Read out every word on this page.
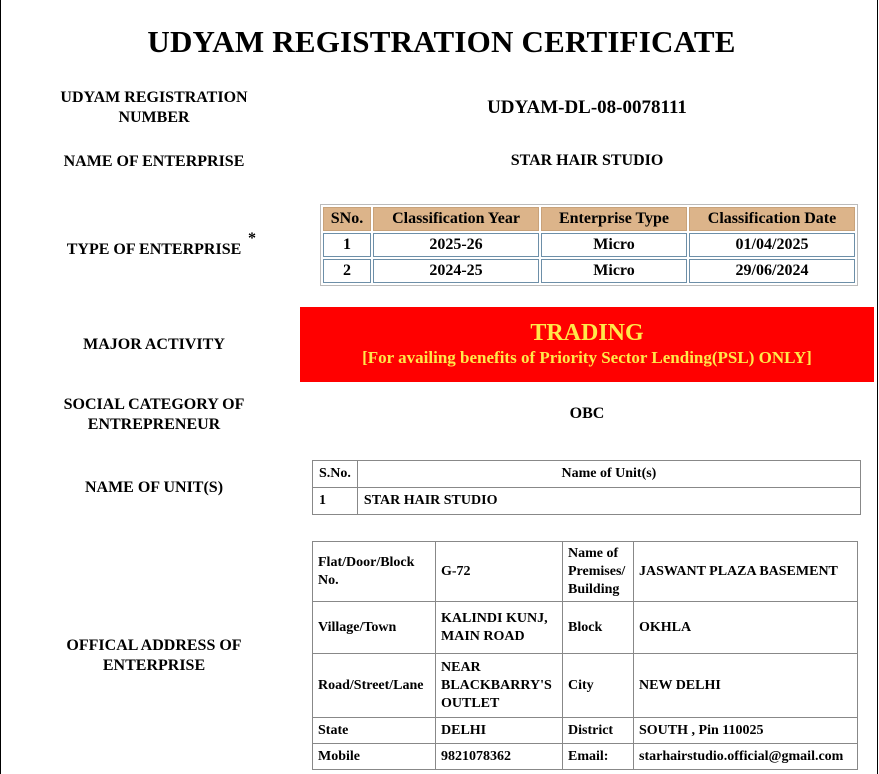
UDYAM REGISTRATION CERTIFICATE
UDYAM REGISTRATION NUMBER	UDYAM-DL-08-0078111
NAME OF ENTERPRISE	STAR HAIR STUDIO
TYPE OF ENTERPRISE
*
SNo.	Classification Year	Enterprise Type	Classification Date
1	2025-26	Micro	01/04/2025
2	2024-25	Micro	29/06/2024
MAJOR ACTIVITY	TRADING
[For availing benefits of Priority Sector Lending(PSL) ONLY]
SOCIAL CATEGORY OF ENTREPRENEUR
OBC
NAME OF UNIT(S)
S.No.	Name of Unit(s)
1	STAR HAIR STUDIO
OFFICAL ADDRESS OF ENTERPRISE
Flat/Door/Block No.	G-72	Name of Premises/ Building	JASWANT PLAZA BASEMENT
Village/Town	KALINDI KUNJ, MAIN ROAD	Block	OKHLA
Road/Street/Lane	NEAR BLACKBARRY'S OUTLET	City	NEW DELHI
State	DELHI	District	SOUTH , Pin 110025
Mobile	9821078362	Email:	starhairstudio.official@gmail.com
